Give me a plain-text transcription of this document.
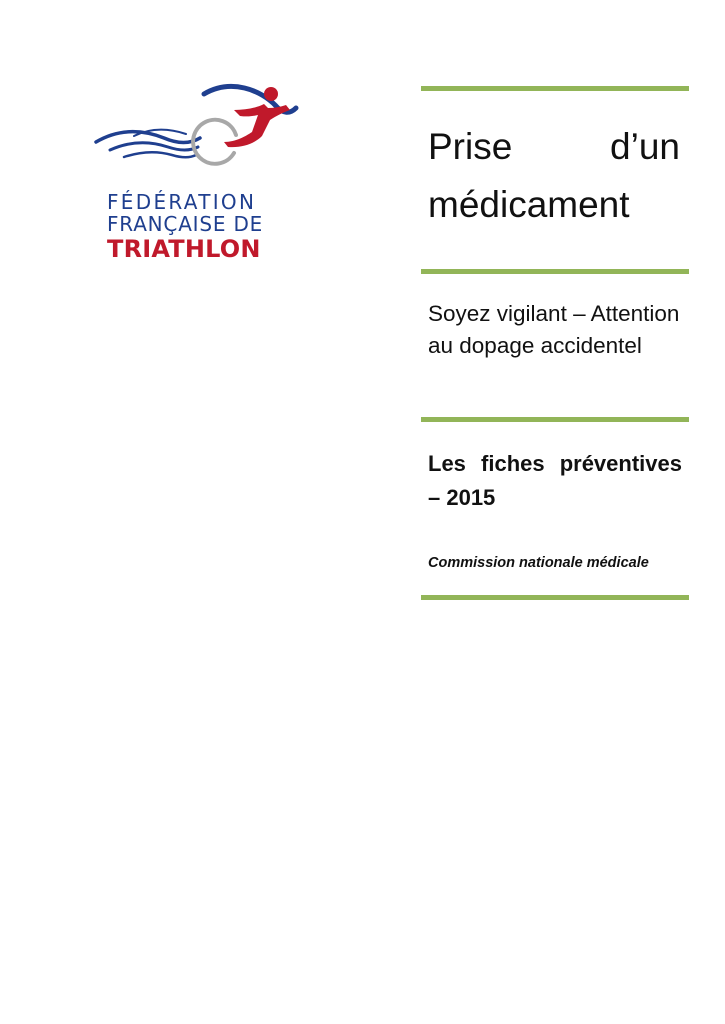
FÉDÉRATION
FRANÇAISE DE
TRIATHLON
Prise d’un médicament
Soyez vigilant – Attention au dopage accidentel
Les fiches préventives – 2015
Commission nationale médicale
